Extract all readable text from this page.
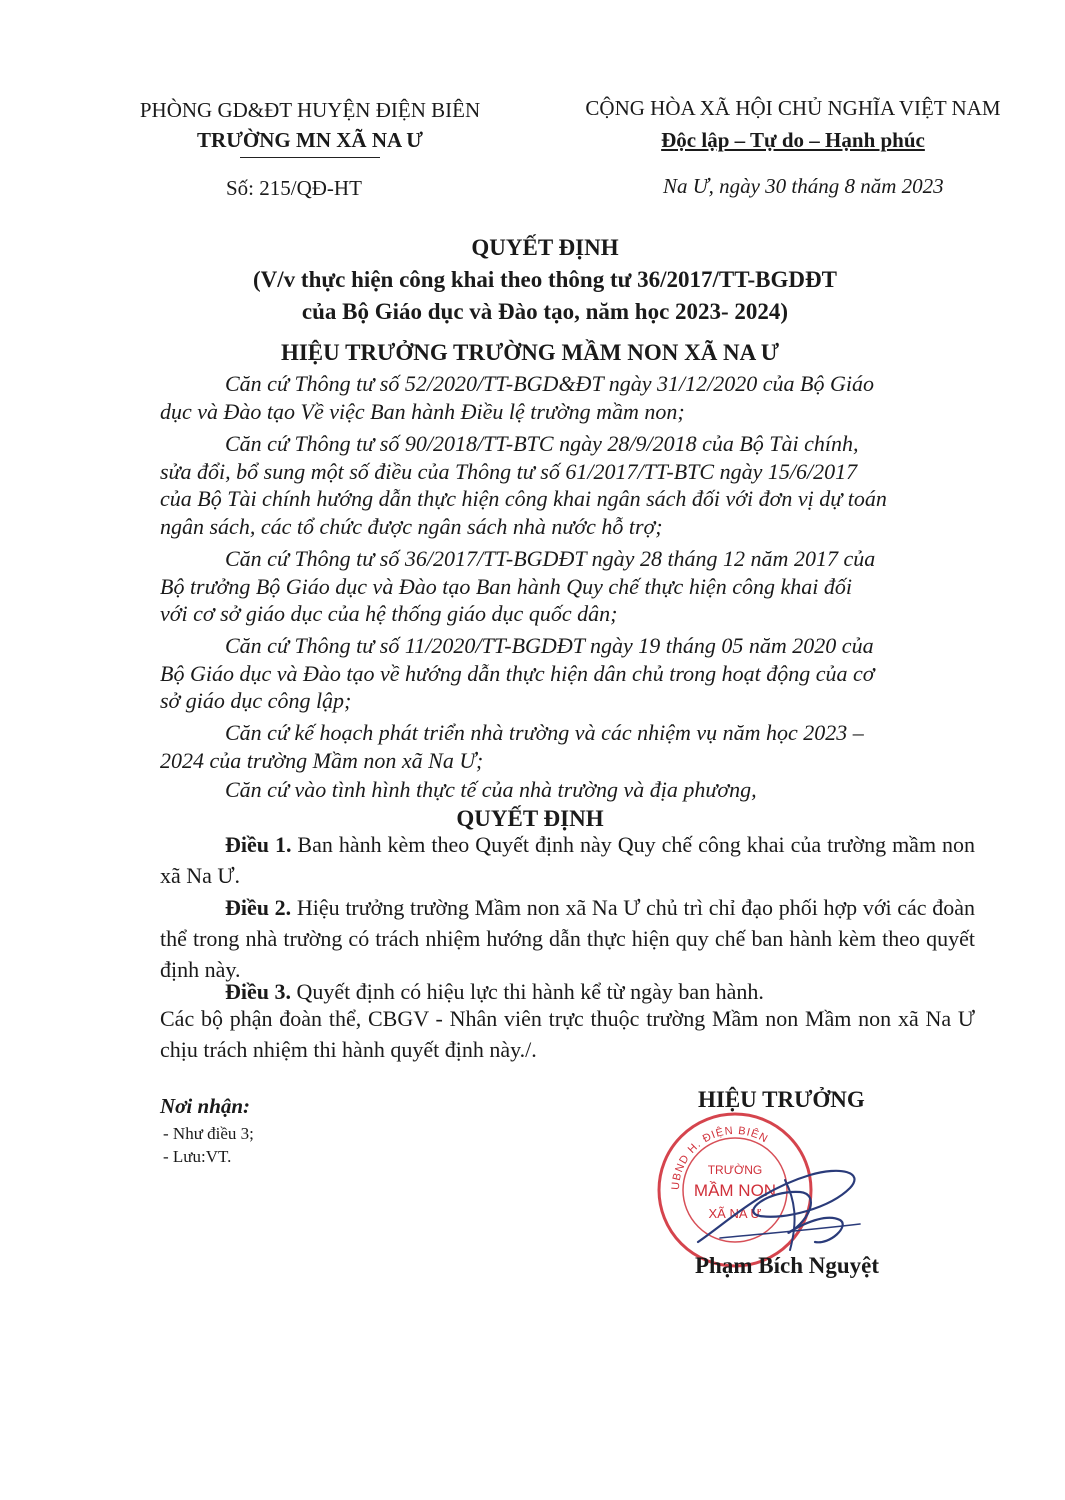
PHÒNG GD&ĐT HUYỆN ĐIỆN BIÊN
TRƯỜNG MN XÃ NA Ư
CỘNG HÒA XÃ HỘI CHỦ NGHĨA VIỆT NAM
Độc lập – Tự do – Hạnh phúc
Số: 215/QĐ-HT	Na Ư, ngày 30 tháng 8 năm 2023
QUYẾT ĐỊNH
(V/v thực hiện công khai theo thông tư 36/2017/TT-BGDĐT
của Bộ Giáo dục và Đào tạo, năm học 2023- 2024)
HIỆU TRƯỞNG TRƯỜNG MẦM NON XÃ NA Ư
Căn cứ Thông tư số 52/2020/TT-BGD&ĐT ngày 31/12/2020 của Bộ Giáo
dục và Đào tạo Về việc Ban hành Điều lệ trường mầm non;
Căn cứ Thông tư số 90/2018/TT-BTC ngày 28/9/2018 của Bộ Tài chính,
sửa đổi, bổ sung một số điều của Thông tư số 61/2017/TT-BTC ngày 15/6/2017
của Bộ Tài chính hướng dẫn thực hiện công khai ngân sách đối với đơn vị dự toán
ngân sách, các tổ chức được ngân sách nhà nước hỗ trợ;
Căn cứ Thông tư số 36/2017/TT-BGDĐT ngày 28 tháng 12 năm 2017 của
Bộ trưởng Bộ Giáo dục và Đào tạo Ban hành Quy chế thực hiện công khai đối
với cơ sở giáo dục của hệ thống giáo dục quốc dân;
Căn cứ Thông tư số 11/2020/TT-BGDĐT ngày 19 tháng 05 năm 2020 của
Bộ Giáo dục và Đào tạo về hướng dẫn thực hiện dân chủ trong hoạt động của cơ
sở giáo dục công lập;
Căn cứ kế hoạch phát triển nhà trường và các nhiệm vụ năm học 2023 –
2024 của trường Mầm non xã Na Ư;
Căn cứ vào tình hình thực tế của nhà trường và địa phương,
QUYẾT ĐỊNH
Điều 1. Ban hành kèm theo Quyết định này Quy chế công khai của trường mầm non xã Na Ư.
Điều 2. Hiệu trưởng trường Mầm non xã Na Ư chủ trì chỉ đạo phối hợp với các đoàn thể trong nhà trường có trách nhiệm hướng dẫn thực hiện quy chế ban hành kèm theo quyết định này.
Điều 3. Quyết định có hiệu lực thi hành kể từ ngày ban hành.
Các bộ phận đoàn thể, CBGV - Nhân viên trực thuộc trường Mầm non Mầm non xã Na Ư chịu trách nhiệm thi hành quyết định này./.
Nơi nhận:
- Như điều 3;
- Lưu:VT.
HIỆU TRƯỞNG
UBND H. ĐIỆN BIÊN
TRƯỜNG
MẦM NON
XÃ NA Ư
Phạm Bích Nguyệt
